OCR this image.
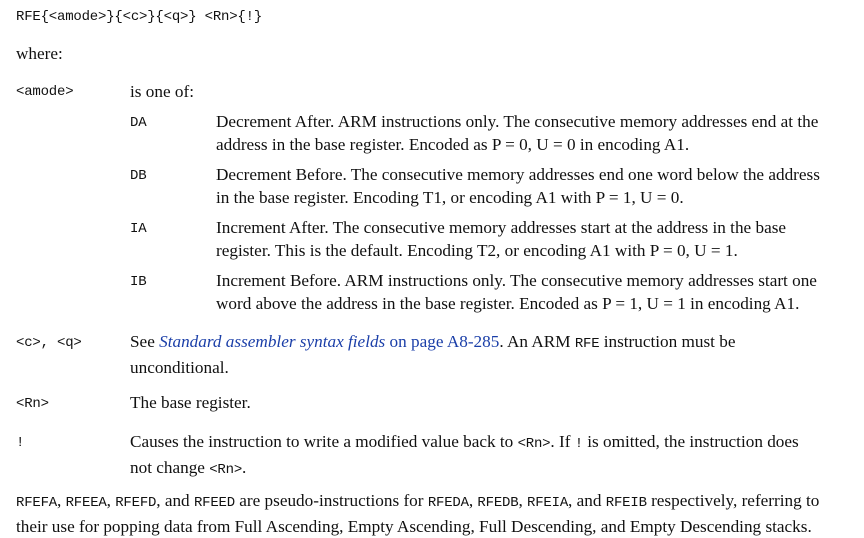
RFE{<amode>}{<c>}{<q>} <Rn>{!}
where:
<amode>	is one of:
DA	Decrement After. ARM instructions only. The consecutive memory addresses end at the
address in the base register. Encoded as P = 0, U = 0 in encoding A1.
DB	Decrement Before. The consecutive memory addresses end one word below the address
in the base register. Encoding T1, or encoding A1 with P = 1, U = 0.
IA	Increment After. The consecutive memory addresses start at the address in the base
register. This is the default. Encoding T2, or encoding A1 with P = 0, U = 1.
IB	Increment Before. ARM instructions only. The consecutive memory addresses start one
word above the address in the base register. Encoded as P = 1, U = 1 in encoding A1.
<c>, <q>	See Standard assembler syntax fields on page A8-285. An ARM RFE instruction must be
unconditional.
<Rn>	The base register.
!	Causes the instruction to write a modified value back to <Rn>. If ! is omitted, the instruction does
not change <Rn>.
RFEFA, RFEEA, RFEFD, and RFEED are pseudo-instructions for RFEDA, RFEDB, RFEIA, and RFEIB respectively, referring to
their use for popping data from Full Ascending, Empty Ascending, Full Descending, and Empty Descending stacks.
